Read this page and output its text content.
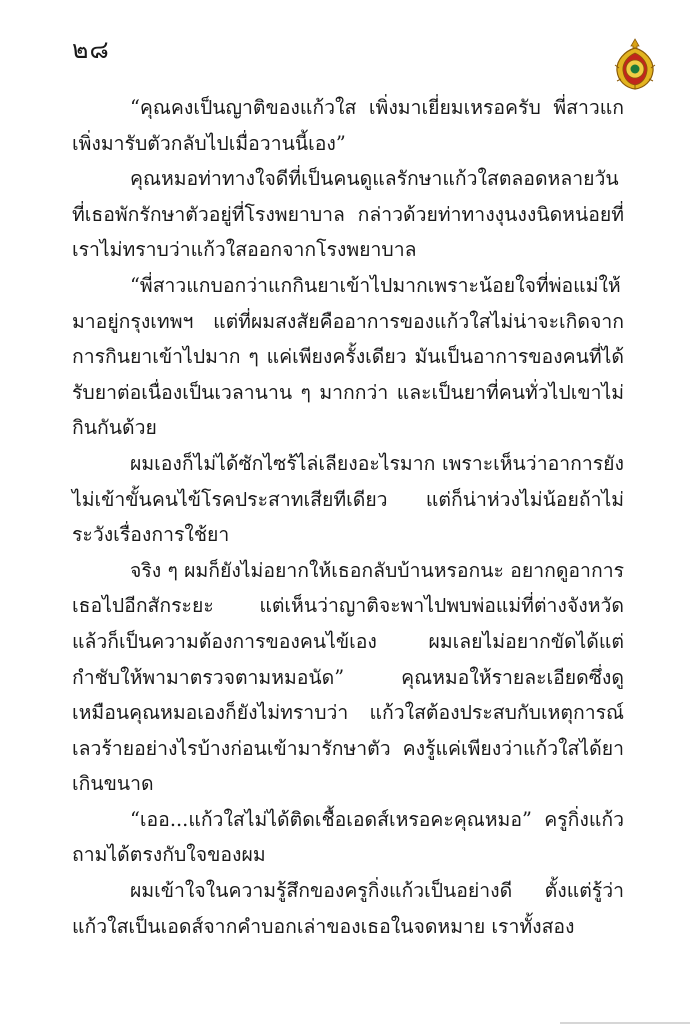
๒๘

“คุณคงเป็นญาติของแก้วใส เพิ่งมาเยี่ยมเหรอครับ พี่สาวแกเพิ่งมารับตัวกลับไปเมื่อวานนี้เอง”

คุณหมอท่าทางใจดีที่เป็นคนดูแลรักษาแก้วใสตลอดหลายวันที่เธอพักรักษาตัวอยู่ที่โรงพยาบาล กล่าวด้วยท่าทางงุนงงนิดหน่อยที่เราไม่ทราบว่าแก้วใสออกจากโรงพยาบาล

“พี่สาวแกบอกว่าแกกินยาเข้าไปมากเพราะน้อยใจที่พ่อแม่ให้มาอยู่กรุงเทพฯ แต่ที่ผมสงสัยคืออาการของแก้วใสไม่น่าจะเกิดจากการกินยาเข้าไปมาก ๆ แค่เพียงครั้งเดียว มันเป็นอาการของคนที่ได้รับยาต่อเนื่องเป็นเวลานาน ๆ มากกว่า และเป็นยาที่คนทั่วไปเขาไม่กินกันด้วย

ผมเองก็ไม่ได้ซักไซร้ไล่เลียงอะไรมาก เพราะเห็นว่าอาการยังไม่เข้าขั้นคนไข้โรคประสาทเสียทีเดียว แต่ก็น่าห่วงไม่น้อยถ้าไม่ระวังเรื่องการใช้ยา

จริง ๆ ผมก็ยังไม่อยากให้เธอกลับบ้านหรอกนะ อยากดูอาการเธอไปอีกสักระยะ แต่เห็นว่าญาติจะพาไปพบพ่อแม่ที่ต่างจังหวัด แล้วก็เป็นความต้องการของคนไข้เอง ผมเลยไม่อยากขัดได้แต่กำชับให้พามาตรวจตามหมอนัด” คุณหมอให้รายละเอียดซึ่งดูเหมือนคุณหมอเองก็ยังไม่ทราบว่า แก้วใสต้องประสบกับเหตุการณ์เลวร้ายอย่างไรบ้างก่อนเข้ามารักษาตัว คงรู้แค่เพียงว่าแก้วใสได้ยาเกินขนาด

“เออ...แก้วใสไม่ได้ติดเชื้อเอดส์เหรอคะคุณหมอ” ครูกิ่งแก้วถามได้ตรงกับใจของผม

ผมเข้าใจในความรู้สึกของครูกิ่งแก้วเป็นอย่างดี ตั้งแต่รู้ว่าแก้วใสเป็นเอดส์จากคำบอกเล่าของเธอในจดหมาย เราทั้งสอง
